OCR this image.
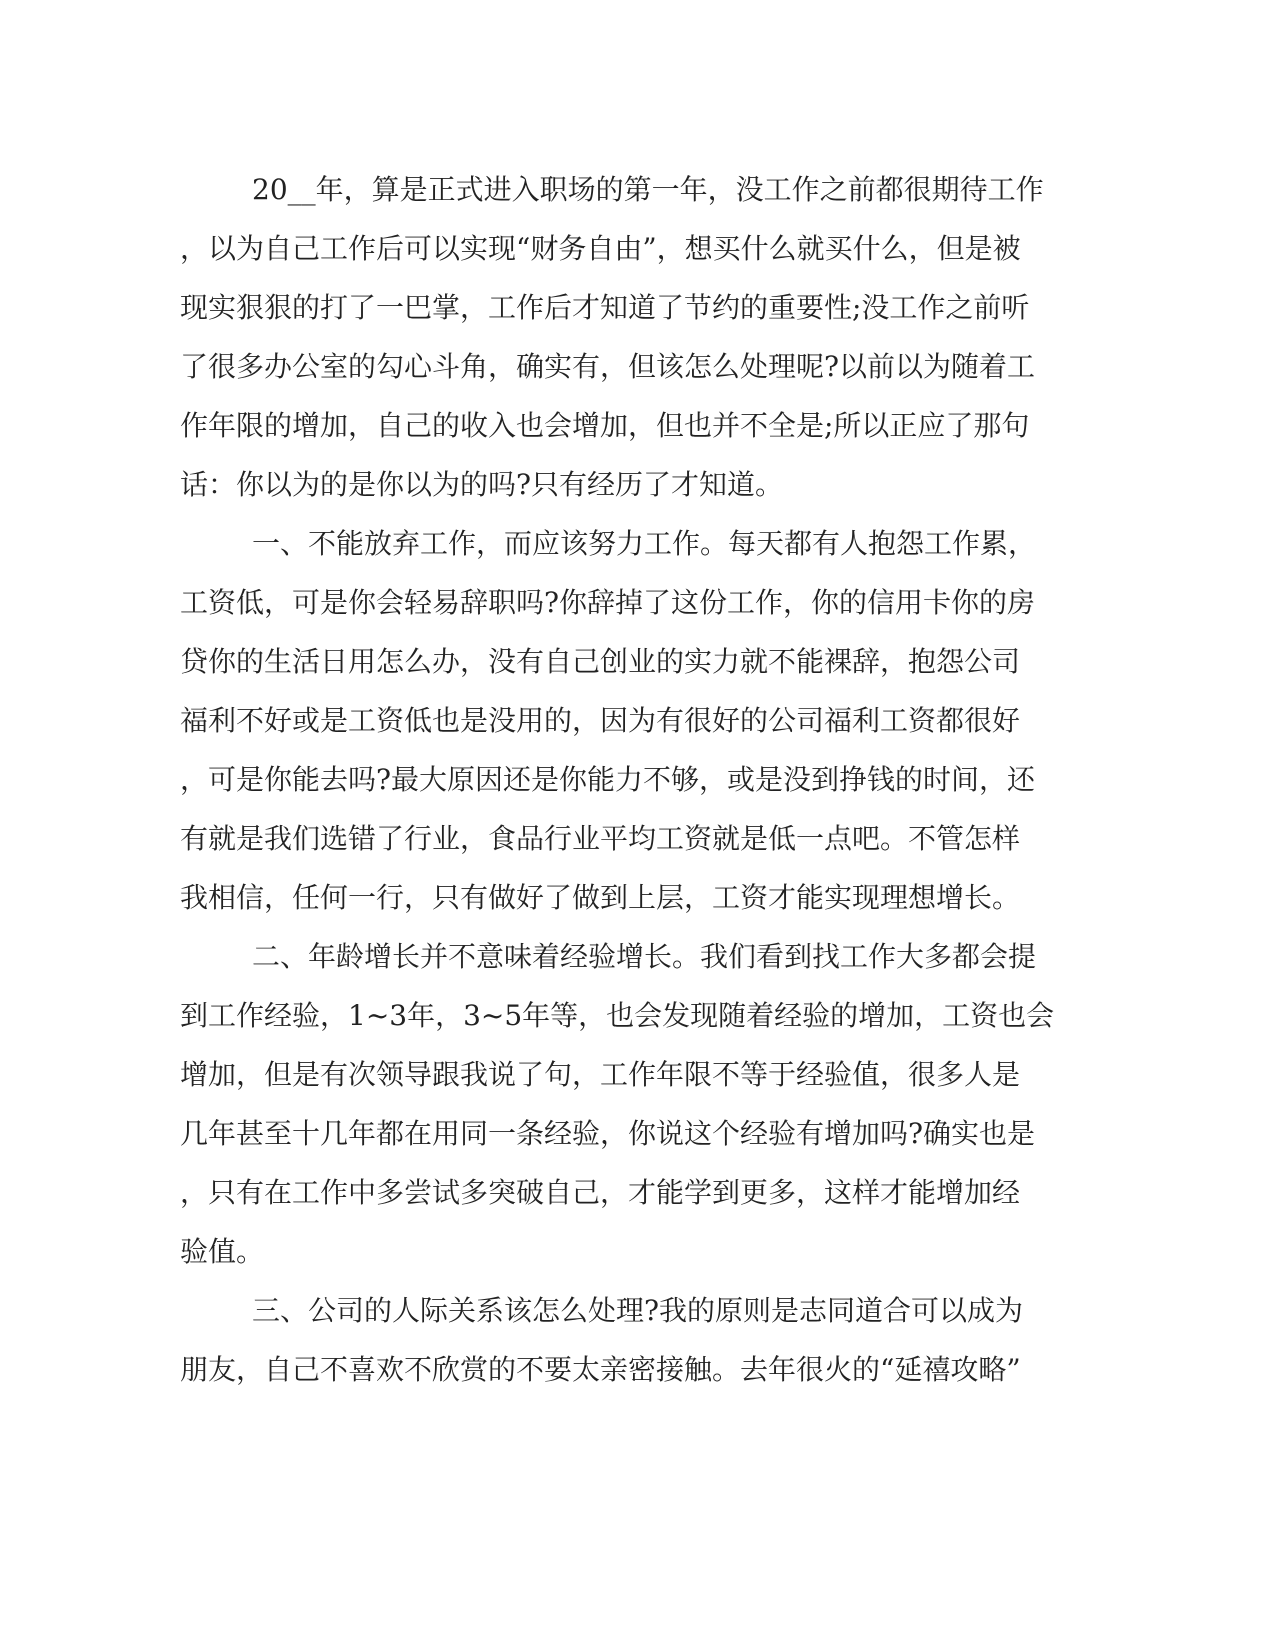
20__年，算是正式进入职场的第一年，没工作之前都很期待工作
，以为自己工作后可以实现“财务自由”，想买什么就买什么，但是被
现实狠狠的打了一巴掌，工作后才知道了节约的重要性;没工作之前听
了很多办公室的勾心斗角，确实有，但该怎么处理呢?以前以为随着工
作年限的增加，自己的收入也会增加，但也并不全是;所以正应了那句
话：你以为的是你以为的吗?只有经历了才知道。
一、不能放弃工作，而应该努力工作。每天都有人抱怨工作累，
工资低，可是你会轻易辞职吗?你辞掉了这份工作，你的信用卡你的房
贷你的生活日用怎么办，没有自己创业的实力就不能裸辞，抱怨公司
福利不好或是工资低也是没用的，因为有很好的公司福利工资都很好
，可是你能去吗?最大原因还是你能力不够，或是没到挣钱的时间，还
有就是我们选错了行业，食品行业平均工资就是低一点吧。不管怎样
我相信，任何一行，只有做好了做到上层，工资才能实现理想增长。
二、年龄增长并不意味着经验增长。我们看到找工作大多都会提
到工作经验，1~3年，3~5年等，也会发现随着经验的增加，工资也会
增加，但是有次领导跟我说了句，工作年限不等于经验值，很多人是
几年甚至十几年都在用同一条经验，你说这个经验有增加吗?确实也是
，只有在工作中多尝试多突破自己，才能学到更多，这样才能增加经
验值。
三、公司的人际关系该怎么处理?我的原则是志同道合可以成为
朋友，自己不喜欢不欣赏的不要太亲密接触。去年很火的“延禧攻略”
